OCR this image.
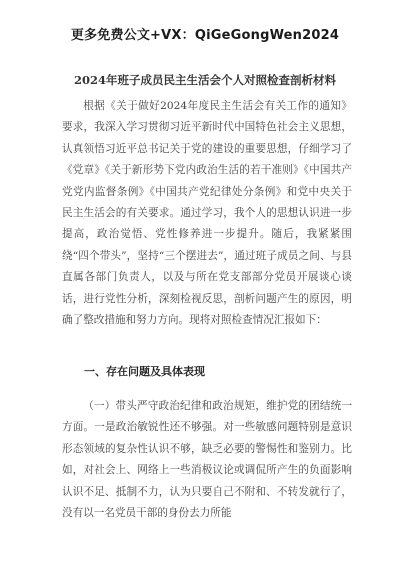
更多免费公文+VX：QiGeGongWen2024
2024年班子成员民主生活会个人对照检查剖析材料

根据《关于做好2024年度民主生活会有关工作的通知》要求，我深入学习贯彻习近平新时代中国特色社会主义思想，认真领悟习近平总书记关于党的建设的重要思想，仔细学习了《党章》《关于新形势下党内政治生活的若干准则》《中国共产党党内监督条例》《中国共产党纪律处分条例》和党中央关于民主生活会的有关要求。通过学习，我个人的思想认识进一步提高，政治觉悟、党性修养进一步提升。随后，我紧紧围绕“四个带头”，坚持“三个摆进去”，通过班子成员之间、与县直属各部门负责人，以及与所在党支部部分党员开展谈心谈话，进行党性分析，深刻检视反思，剖析问题产生的原因，明确了整改措施和努力方向。现将对照检查情况汇报如下：

一、存在问题及具体表现

（一）带头严守政治纪律和政治规矩，维护党的团结统一方面。一是政治敏锐性还不够强。对一些敏感问题特别是意识形态领域的复杂性认识不够，缺乏必要的警惕性和鉴别力。比如，对社会上、网络上一些消极议论或调侃所产生的负面影响认识不足、抵制不力，认为只要自己不附和、不转发就行了，没有以一名党员干部的身份去力所能
